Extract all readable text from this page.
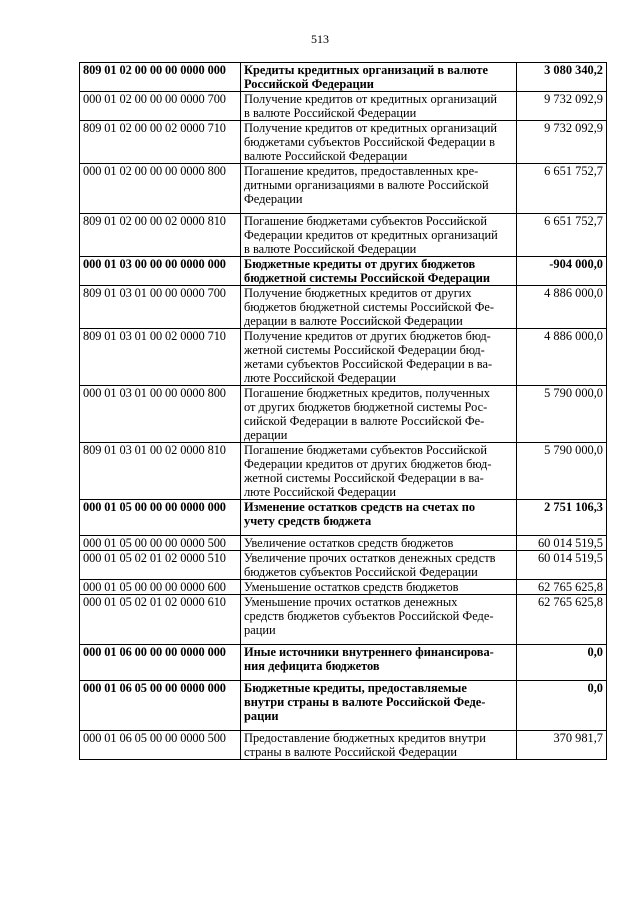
513
809 01 02 00 00 00 0000 000	Кредиты кредитных организаций в валюте
Российской Федерации	3 080 340,2
000 01 02 00 00 00 0000 700	Получение кредитов от кредитных организаций
в валюте Российской Федерации	9 732 092,9
809 01 02 00 00 02 0000 710	Получение кредитов от кредитных организаций
бюджетами субъектов Российской Федерации в
валюте Российской Федерации	9 732 092,9
000 01 02 00 00 00 0000 800	Погашение кредитов, предоставленных кре-
дитными организациями в валюте Российской
Федерации	6 651 752,7
809 01 02 00 00 02 0000 810	Погашение бюджетами субъектов Российской
Федерации кредитов от кредитных организаций
в валюте Российской Федерации	6 651 752,7
000 01 03 00 00 00 0000 000	Бюджетные кредиты от других бюджетов
бюджетной системы Российской Федерации	-904 000,0
809 01 03 01 00 00 0000 700	Получение бюджетных кредитов от других
бюджетов бюджетной системы Российской Фе-
дерации в валюте Российской Федерации	4 886 000,0
809 01 03 01 00 02 0000 710	Получение кредитов от других бюджетов бюд-
жетной системы Российской Федерации бюд-
жетами субъектов Российской Федерации в ва-
люте Российской Федерации	4 886 000,0
000 01 03 01 00 00 0000 800	Погашение бюджетных кредитов, полученных
от других бюджетов бюджетной системы Рос-
сийской Федерации в валюте Российской Фе-
дерации	5 790 000,0
809 01 03 01 00 02 0000 810	Погашение бюджетами субъектов Российской
Федерации кредитов от других бюджетов бюд-
жетной системы Российской Федерации в ва-
люте Российской Федерации	5 790 000,0
000 01 05 00 00 00 0000 000	Изменение остатков средств на счетах по
учету средств бюджета	2 751 106,3
000 01 05 00 00 00 0000 500	Увеличение остатков средств бюджетов	60 014 519,5
000 01 05 02 01 02 0000 510	Увеличение прочих остатков денежных средств
бюджетов субъектов Российской Федерации	60 014 519,5
000 01 05 00 00 00 0000 600	Уменьшение остатков средств бюджетов	62 765 625,8
000 01 05 02 01 02 0000 610	Уменьшение прочих остатков денежных
средств бюджетов субъектов Российской Феде-
рации	62 765 625,8
000 01 06 00 00 00 0000 000	Иные источники внутреннего финансирова-
ния дефицита бюджетов	0,0
000 01 06 05 00 00 0000 000	Бюджетные кредиты, предоставляемые
внутри страны в валюте Российской Феде-
рации	0,0
000 01 06 05 00 00 0000 500	Предоставление бюджетных кредитов внутри
страны в валюте Российской Федерации	370 981,7
